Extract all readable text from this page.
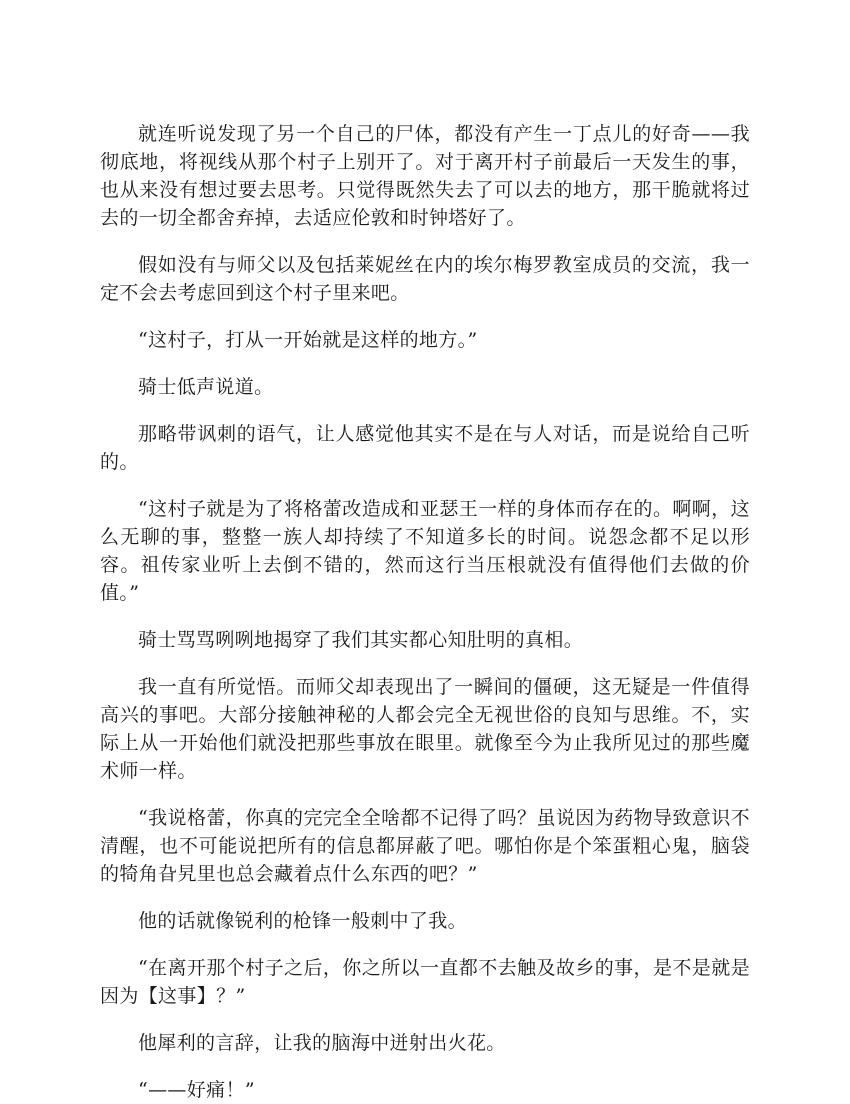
就连听说发现了另一个自己的尸体，都没有产生一丁点儿的好奇——我彻底地，将视线从那个村子上别开了。对于离开村子前最后一天发生的事，也从来没有想过要去思考。只觉得既然失去了可以去的地方，那干脆就将过去的一切全都舍弃掉，去适应伦敦和时钟塔好了。

假如没有与师父以及包括莱妮丝在内的埃尔梅罗教室成员的交流，我一定不会去考虑回到这个村子里来吧。

“这村子，打从一开始就是这样的地方。”

骑士低声说道。

那略带讽刺的语气，让人感觉他其实不是在与人对话，而是说给自己听的。

“这村子就是为了将格蕾改造成和亚瑟王一样的身体而存在的。啊啊，这么无聊的事，整整一族人却持续了不知道多长的时间。说怨念都不足以形容。祖传家业听上去倒不错的，然而这行当压根就没有值得他们去做的价值。”

骑士骂骂咧咧地揭穿了我们其实都心知肚明的真相。

我一直有所觉悟。而师父却表现出了一瞬间的僵硬，这无疑是一件值得高兴的事吧。大部分接触神秘的人都会完全无视世俗的良知与思维。不，实际上从一开始他们就没把那些事放在眼里。就像至今为止我所见过的那些魔术师一样。

“我说格蕾，你真的完完全全啥都不记得了吗？虽说因为药物导致意识不清醒，也不可能说把所有的信息都屏蔽了吧。哪怕你是个笨蛋粗心鬼，脑袋的犄角旮旯里也总会藏着点什么东西的吧？”

他的话就像锐利的枪锋一般刺中了我。

“在离开那个村子之后，你之所以一直都不去触及故乡的事，是不是就是因为【这事】？”

他犀利的言辞，让我的脑海中迸射出火花。

“——好痛！”
